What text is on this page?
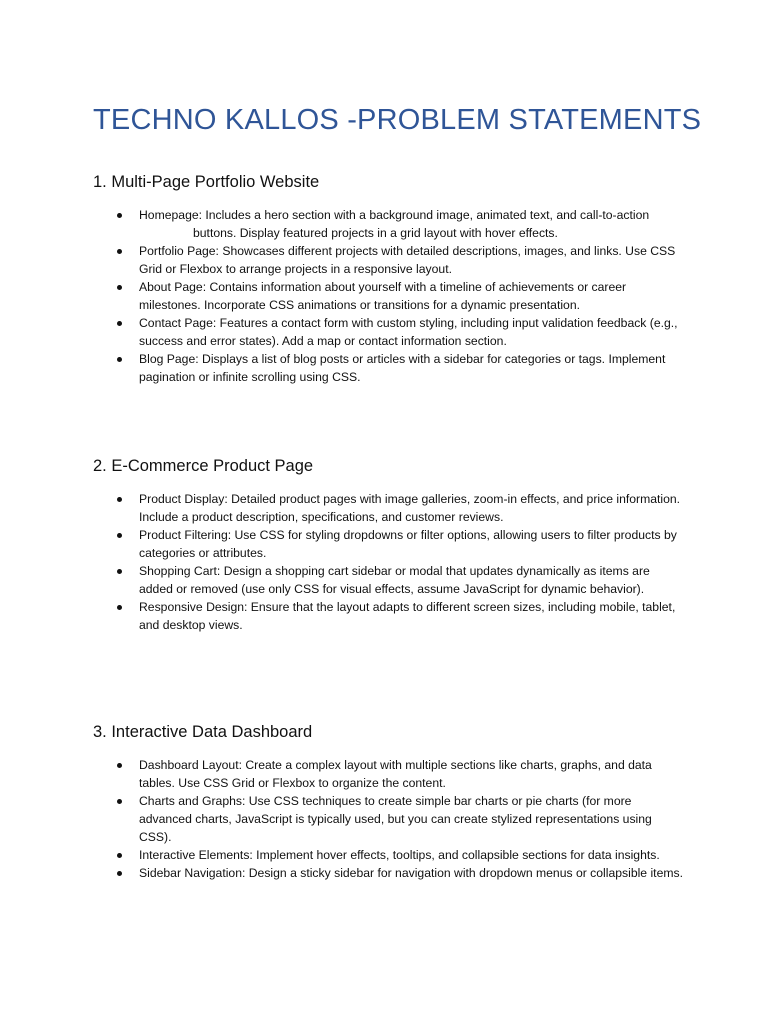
TECHNO KALLOS -PROBLEM STATEMENTS
1. Multi-Page Portfolio Website
Homepage: Includes a hero section with a background image, animated text, and call-to-actionbuttons. Display featured projects in a grid layout with hover effects.
Portfolio Page: Showcases different projects with detailed descriptions, images, and links. Use CSS Grid or Flexbox to arrange projects in a responsive layout.
About Page: Contains information about yourself with a timeline of achievements or career milestones. Incorporate CSS animations or transitions for a dynamic presentation.
Contact Page: Features a contact form with custom styling, including input validation feedback (e.g., success and error states). Add a map or contact information section.
Blog Page: Displays a list of blog posts or articles with a sidebar for categories or tags. Implement pagination or infinite scrolling using CSS.
2. E-Commerce Product Page
Product Display: Detailed product pages with image galleries, zoom-in effects, and price information. Include a product description, specifications, and customer reviews.
Product Filtering: Use CSS for styling dropdowns or filter options, allowing users to filter products by categories or attributes.
Shopping Cart: Design a shopping cart sidebar or modal that updates dynamically as items are added or removed (use only CSS for visual effects, assume JavaScript for dynamic behavior).
Responsive Design: Ensure that the layout adapts to different screen sizes, including mobile, tablet, and desktop views.
3. Interactive Data Dashboard
Dashboard Layout: Create a complex layout with multiple sections like charts, graphs, and data tables. Use CSS Grid or Flexbox to organize the content.
Charts and Graphs: Use CSS techniques to create simple bar charts or pie charts (for more advanced charts, JavaScript is typically used, but you can create stylized representations using CSS).
Interactive Elements: Implement hover effects, tooltips, and collapsible sections for data insights.
Sidebar Navigation: Design a sticky sidebar for navigation with dropdown menus or collapsible items.
